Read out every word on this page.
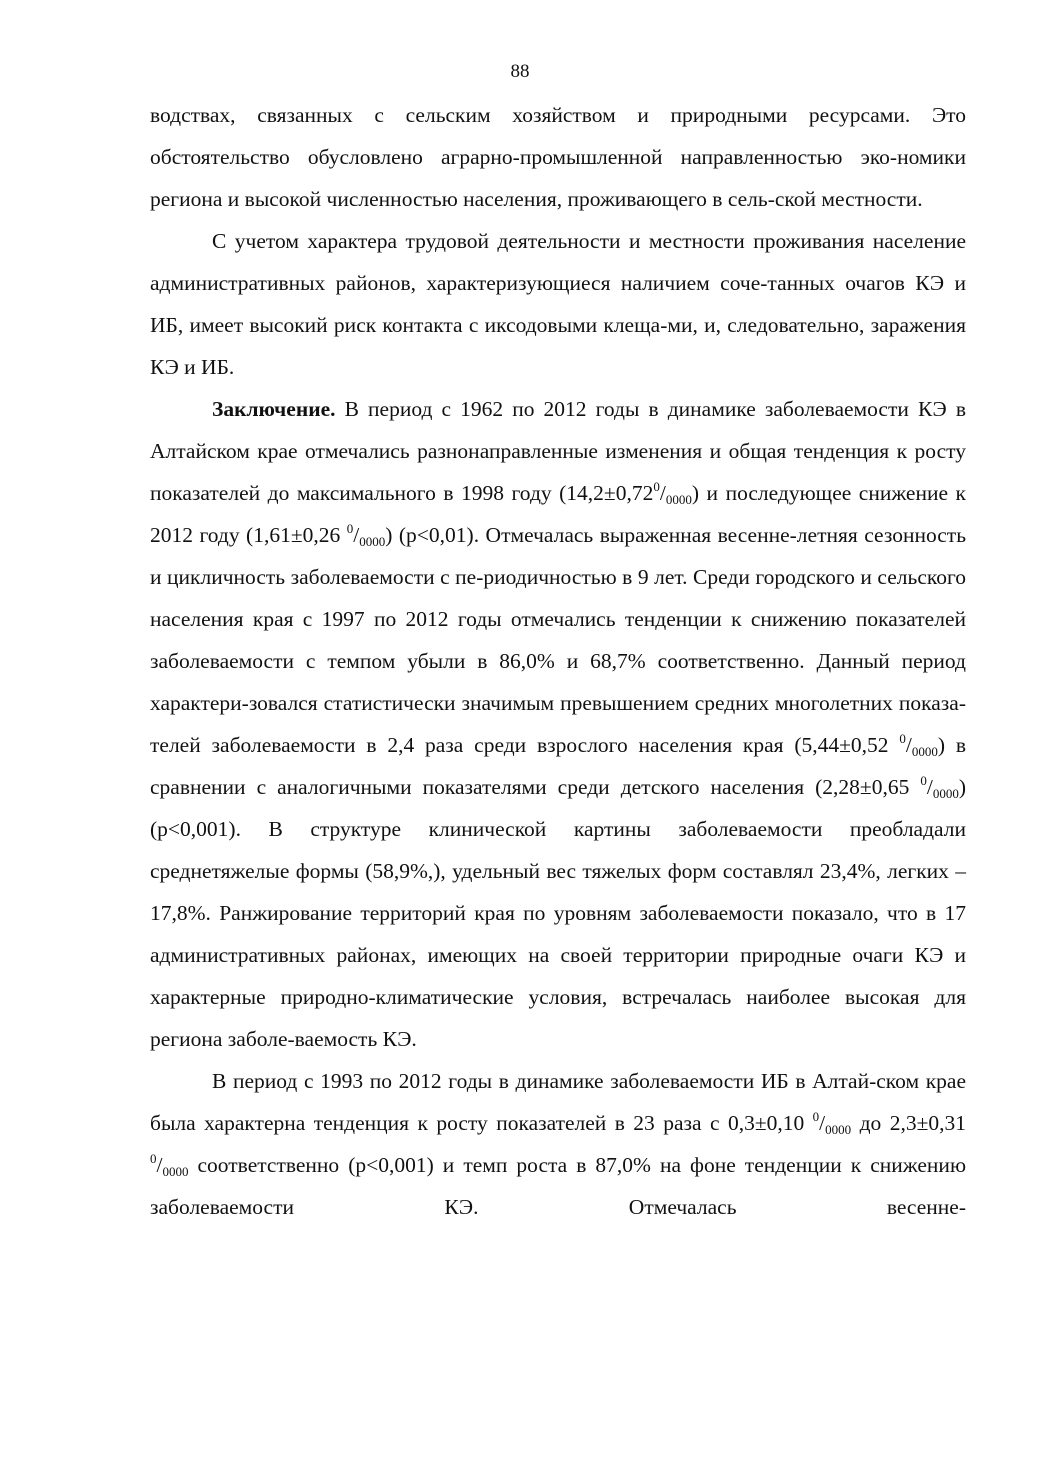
88

водствах, связанных с сельским хозяйством и природными ресурсами. Это обстоятельство обусловлено аграрно-промышленной направленностью эко-номики региона и высокой численностью населения, проживающего в сель-ской местности.

С учетом характера трудовой деятельности и местности проживания население административных районов, характеризующиеся наличием соче-танных очагов КЭ и ИБ, имеет высокий риск контакта с иксодовыми клеща-ми, и, следовательно, заражения КЭ и ИБ.

Заключение. В период с 1962 по 2012 годы в динамике заболеваемости КЭ в Алтайском крае отмечались разнонаправленные изменения и общая тенденция к росту показателей до максимального в 1998 году $(14,2\pm 0,72^0/_{0000})$ и последующее снижение к 2012 году (1,61±0,26 $^0/_{0000}$) (p<0,01). Отмечалась выраженная весенне-летняя сезонность и цикличность заболеваемости с пе-риодичностью в 9 лет. Среди городского и сельского населения края с 1997 по 2012 годы отмечались тенденции к снижению показателей заболеваемости с темпом убыли в 86,0% и 68,7% соответственно. Данный период характери-зовался статистически значимым превышением средних многолетних показа-телей заболеваемости в 2,4 раза среди взрослого населения края (5,44±0,52 $^0/_{0000}$) в сравнении с аналогичными показателями среди детского населения (2,28±0,65 $^0/_{0000}$) (p<0,001). В структуре клинической картины заболеваемости преобладали среднетяжелые формы (58,9%,), удельный вес тяжелых форм составлял 23,4%, легких – 17,8%. Ранжирование территорий края по уровням заболеваемости показало, что в 17 административных районах, имеющих на своей территории природные очаги КЭ и характерные природно-климатические условия, встречалась наиболее высокая для региона заболе-ваемость КЭ.

В период с 1993 по 2012 годы в динамике заболеваемости ИБ в Алтай-ском крае была характерна тенденция к росту показателей в 23 раза с 0,3±0,10 $^0/_{0000}$ до 2,3±0,31 $^0/_{0000}$ соответственно (p<0,001) и темп роста в 87,0% на фоне тенденции к снижению заболеваемости КЭ. Отмечалась весенне-
